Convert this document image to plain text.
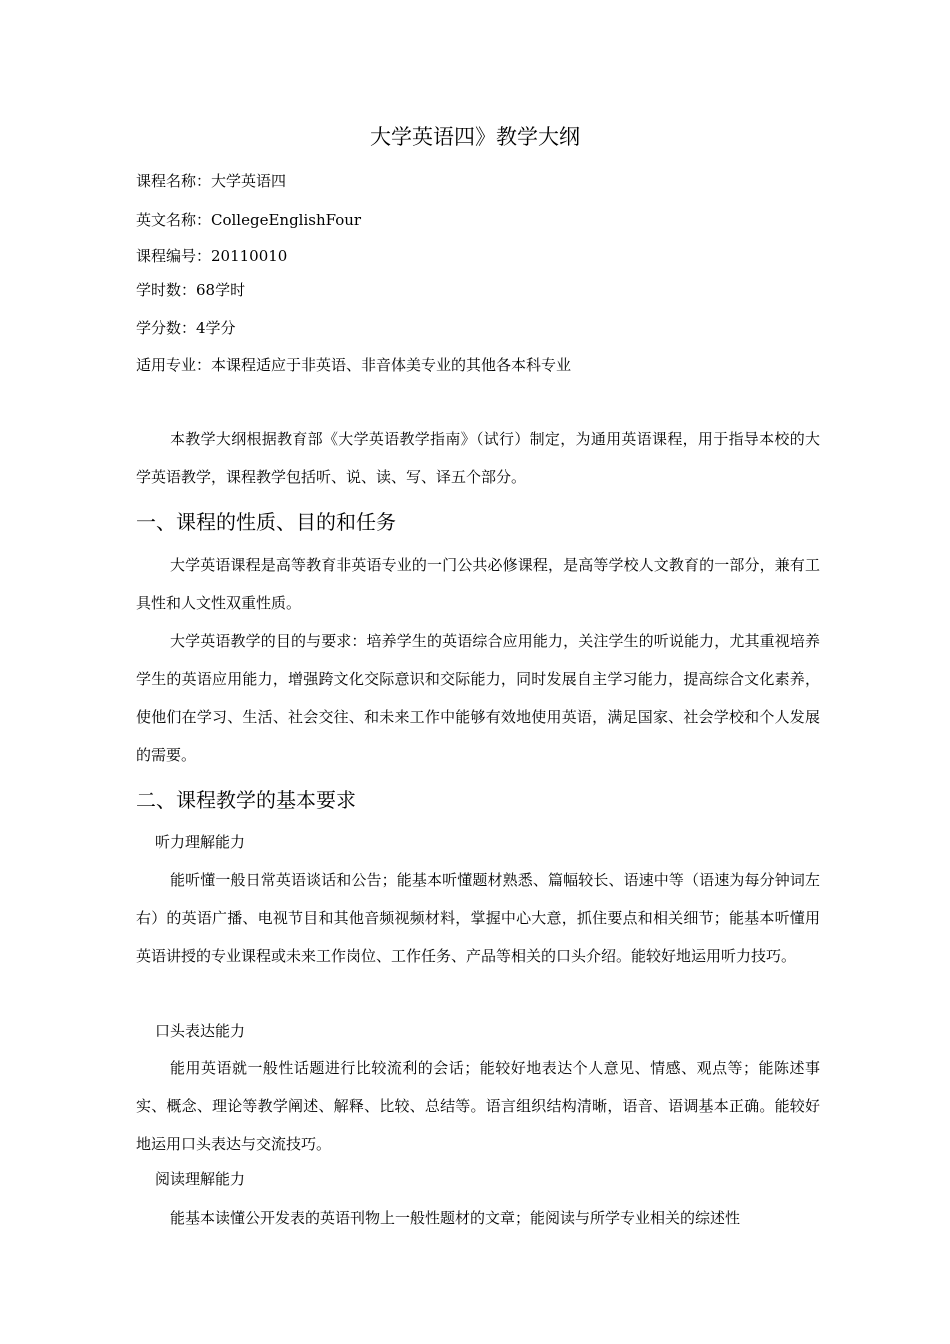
大学英语四》教学大纲
课程名称：大学英语四
英文名称：CollegeEnglishFour
课程编号：20110010
学时数：68学时
学分数：4学分
适用专业：本课程适应于非英语、非音体美专业的其他各本科专业

本教学大纲根据教育部《大学英语教学指南》（试行）制定，为通用英语课程，用于指导本校的大学英语教学，课程教学包括听、说、读、写、译五个部分。

一、课程的性质、目的和任务

大学英语课程是高等教育非英语专业的一门公共必修课程，是高等学校人文教育的一部分，兼有工具性和人文性双重性质。

大学英语教学的目的与要求：培养学生的英语综合应用能力，关注学生的听说能力，尤其重视培养学生的英语应用能力，增强跨文化交际意识和交际能力，同时发展自主学习能力，提高综合文化素养，使他们在学习、生活、社会交往、和未来工作中能够有效地使用英语，满足国家、社会学校和个人发展的需要。

二、课程教学的基本要求
听力理解能力

能听懂一般日常英语谈话和公告；能基本听懂题材熟悉、篇幅较长、语速中等（语速为每分钟词左右）的英语广播、电视节目和其他音频视频材料，掌握中心大意，抓住要点和相关细节；能基本听懂用英语讲授的专业课程或未来工作岗位、工作任务、产品等相关的口头介绍。能较好地运用听力技巧。

口头表达能力

能用英语就一般性话题进行比较流利的会话；能较好地表达个人意见、情感、观点等；能陈述事实、概念、理论等教学阐述、解释、比较、总结等。语言组织结构清晰，语音、语调基本正确。能较好地运用口头表达与交流技巧。

阅读理解能力

能基本读懂公开发表的英语刊物上一般性题材的文章；能阅读与所学专业相关的综述性
